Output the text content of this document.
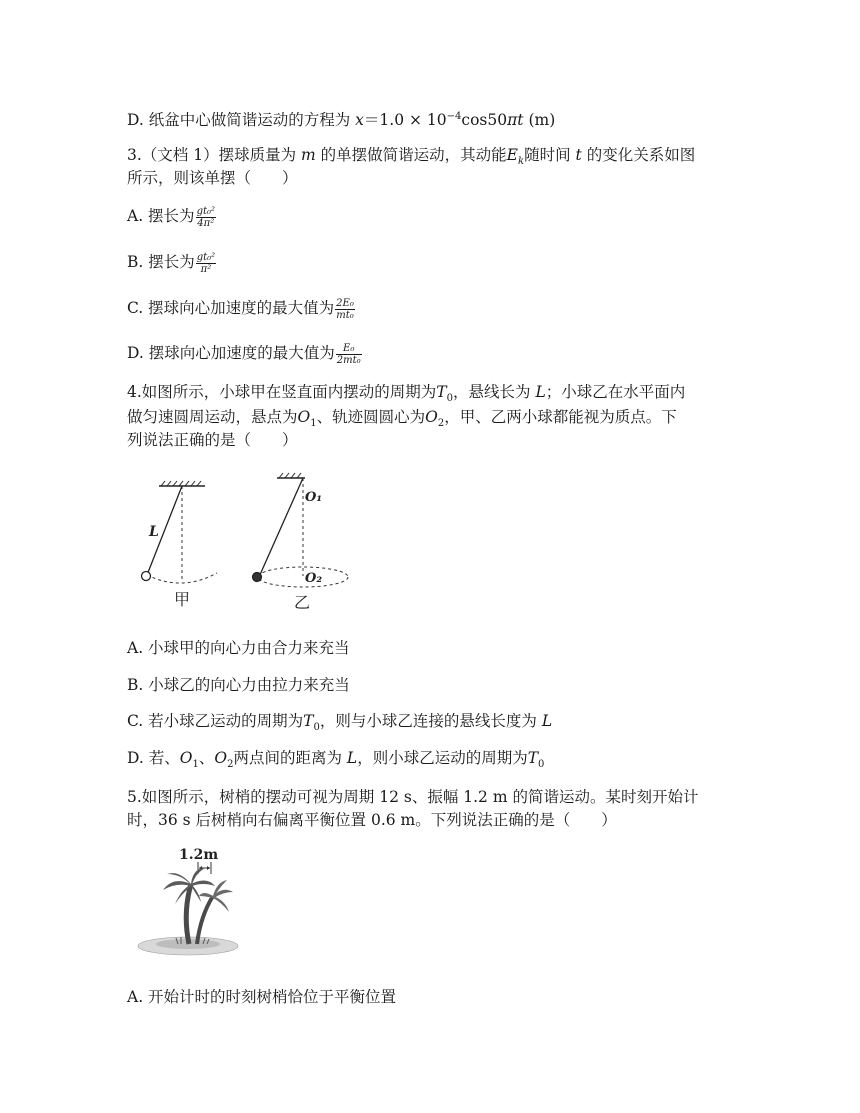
D. 纸盆中心做简谐运动的方程为 $x=1.0 \times 10^{-4}\cos 50\pi t$ (m)
3.（文档 1）摆球质量为 m 的单摆做简谐运动，其动能$E_k$随时间 t 的变化关系如图
所示，则该单摆（　　）
A. 摆长为 $\frac{\text{gt₀²}}{\text{4π²}}$
B. 摆长为 $\frac{\text{gt₀²}}{\text{π²}}$
C. 摆球向心加速度的最大值为 $\frac{\text{2E₀}}{\text{mt₀}}$
D. 摆球向心加速度的最大值为 $\frac{\text{E₀}}{\text{2mt₀}}$
4.如图所示，小球甲在竖直面内摆动的周期为$T_0$，悬线长为 L；小球乙在水平面内
做匀速圆周运动，悬点为$O_1$、轨迹圆圆心为$O_2$，甲、乙两小球都能视为质点。下
列说法正确的是（　　）
L
甲
O₁
O₂
乙
A. 小球甲的向心力由合力来充当
B. 小球乙的向心力由拉力来充当
C. 若小球乙运动的周期为$T_0$，则与小球乙连接的悬线长度为 L
D. 若、$O_1$、$O_2$两点间的距离为 L，则小球乙运动的周期为$T_0$
5.如图所示，树梢的摆动可视为周期 12 s、振幅 1.2 m 的简谐运动。某时刻开始计
时，36 s 后树梢向右偏离平衡位置 0.6 m。下列说法正确的是（　　）
1.2m
A. 开始计时的时刻树梢恰位于平衡位置
